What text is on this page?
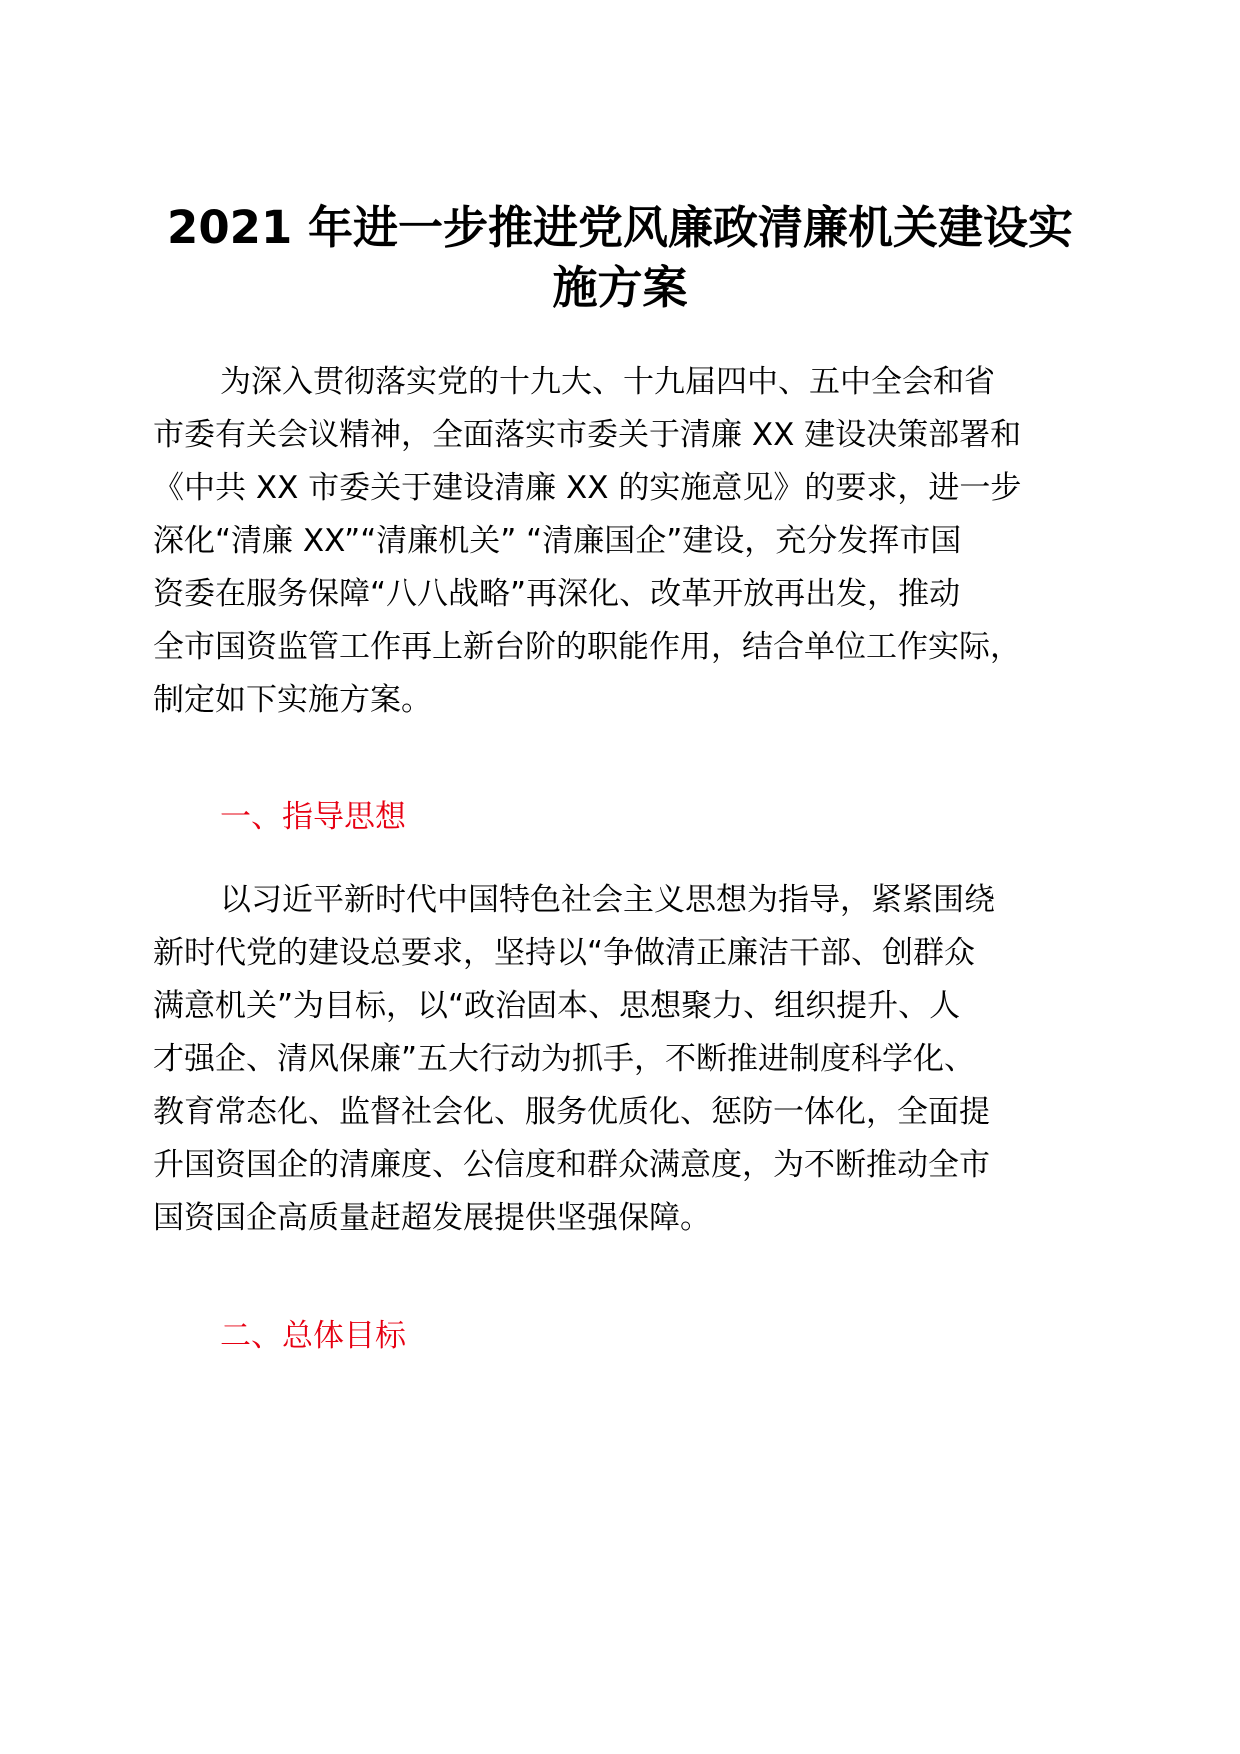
2021 年进一步推进党风廉政清廉机关建设实
施方案
为深入贯彻落实党的十九大、十九届四中、五中全会和省
市委有关会议精神，全面落实市委关于清廉 XX 建设决策部署和
《中共 XX 市委关于建设清廉 XX 的实施意见》的要求，进一步
深化“清廉 XX”“清廉机关” “清廉国企”建设，充分发挥市国
资委在服务保障“八八战略”再深化、改革开放再出发，推动
全市国资监管工作再上新台阶的职能作用，结合单位工作实际，
制定如下实施方案。
一、指导思想
以习近平新时代中国特色社会主义思想为指导，紧紧围绕
新时代党的建设总要求，坚持以“争做清正廉洁干部、创群众
满意机关”为目标，以“政治固本、思想聚力、组织提升、人
才强企、清风保廉”五大行动为抓手，不断推进制度科学化、
教育常态化、监督社会化、服务优质化、惩防一体化，全面提
升国资国企的清廉度、公信度和群众满意度，为不断推动全市
国资国企高质量赶超发展提供坚强保障。
二、总体目标
